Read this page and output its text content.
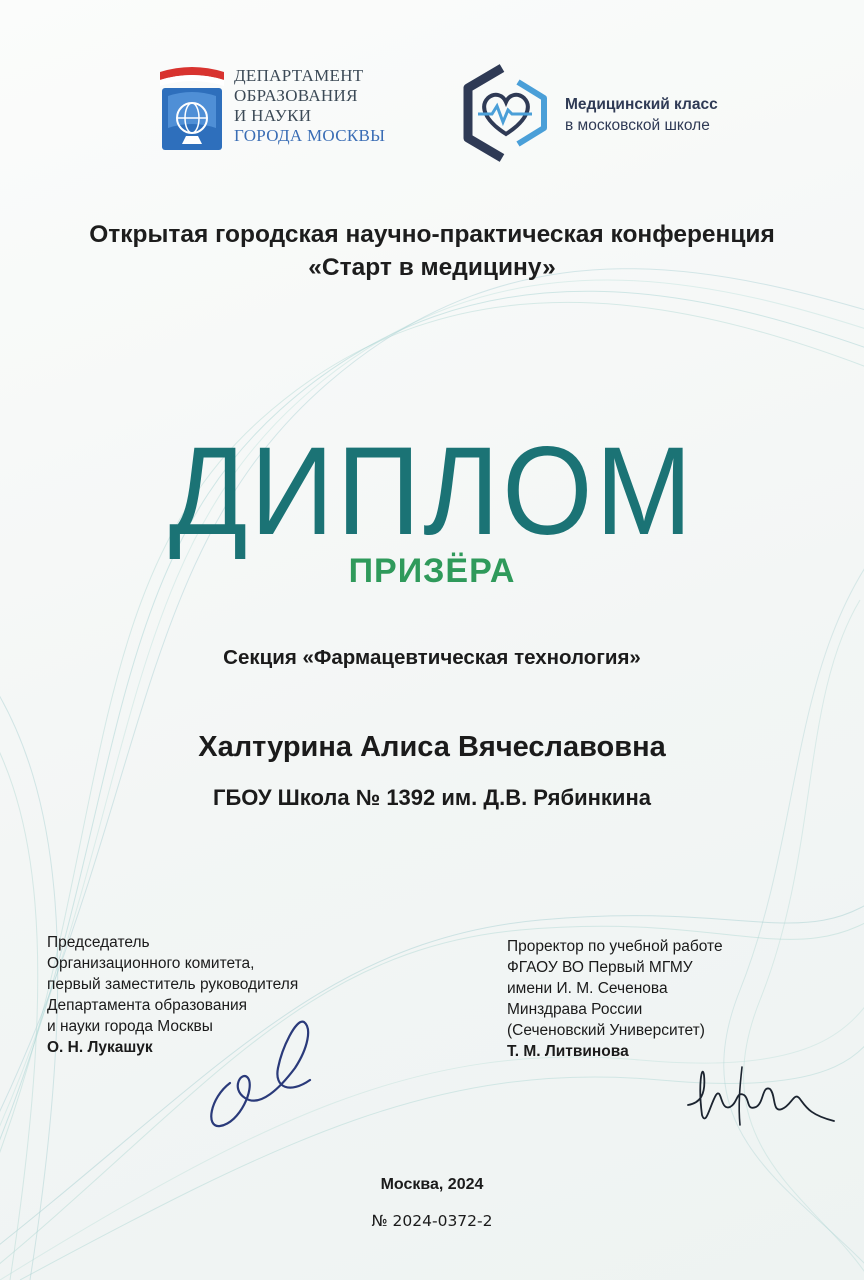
ДЕПАРТАМЕНТ
ОБРАЗОВАНИЯ
И НАУКИ
ГОРОДА МОСКВЫ
Медицинский класс
в московской школе
Открытая городская научно-практическая конференция
«Старт в медицину»
ДИПЛОМ
ПРИЗЁРА
Секция «Фармацевтическая технология»
Халтурина Алиса Вячеславовна
ГБОУ Школа № 1392 им. Д.В. Рябинкина
Председатель
Организационного комитета,
первый заместитель руководителя
Департамента образования
и науки города Москвы
О. Н. Лукашук
Проректор по учебной работе
ФГАОУ ВО Первый МГМУ
имени И. М. Сеченова
Минздрава России
(Сеченовский Университет)
Т. М. Литвинова
Москва, 2024
№ 2024-0372-2
